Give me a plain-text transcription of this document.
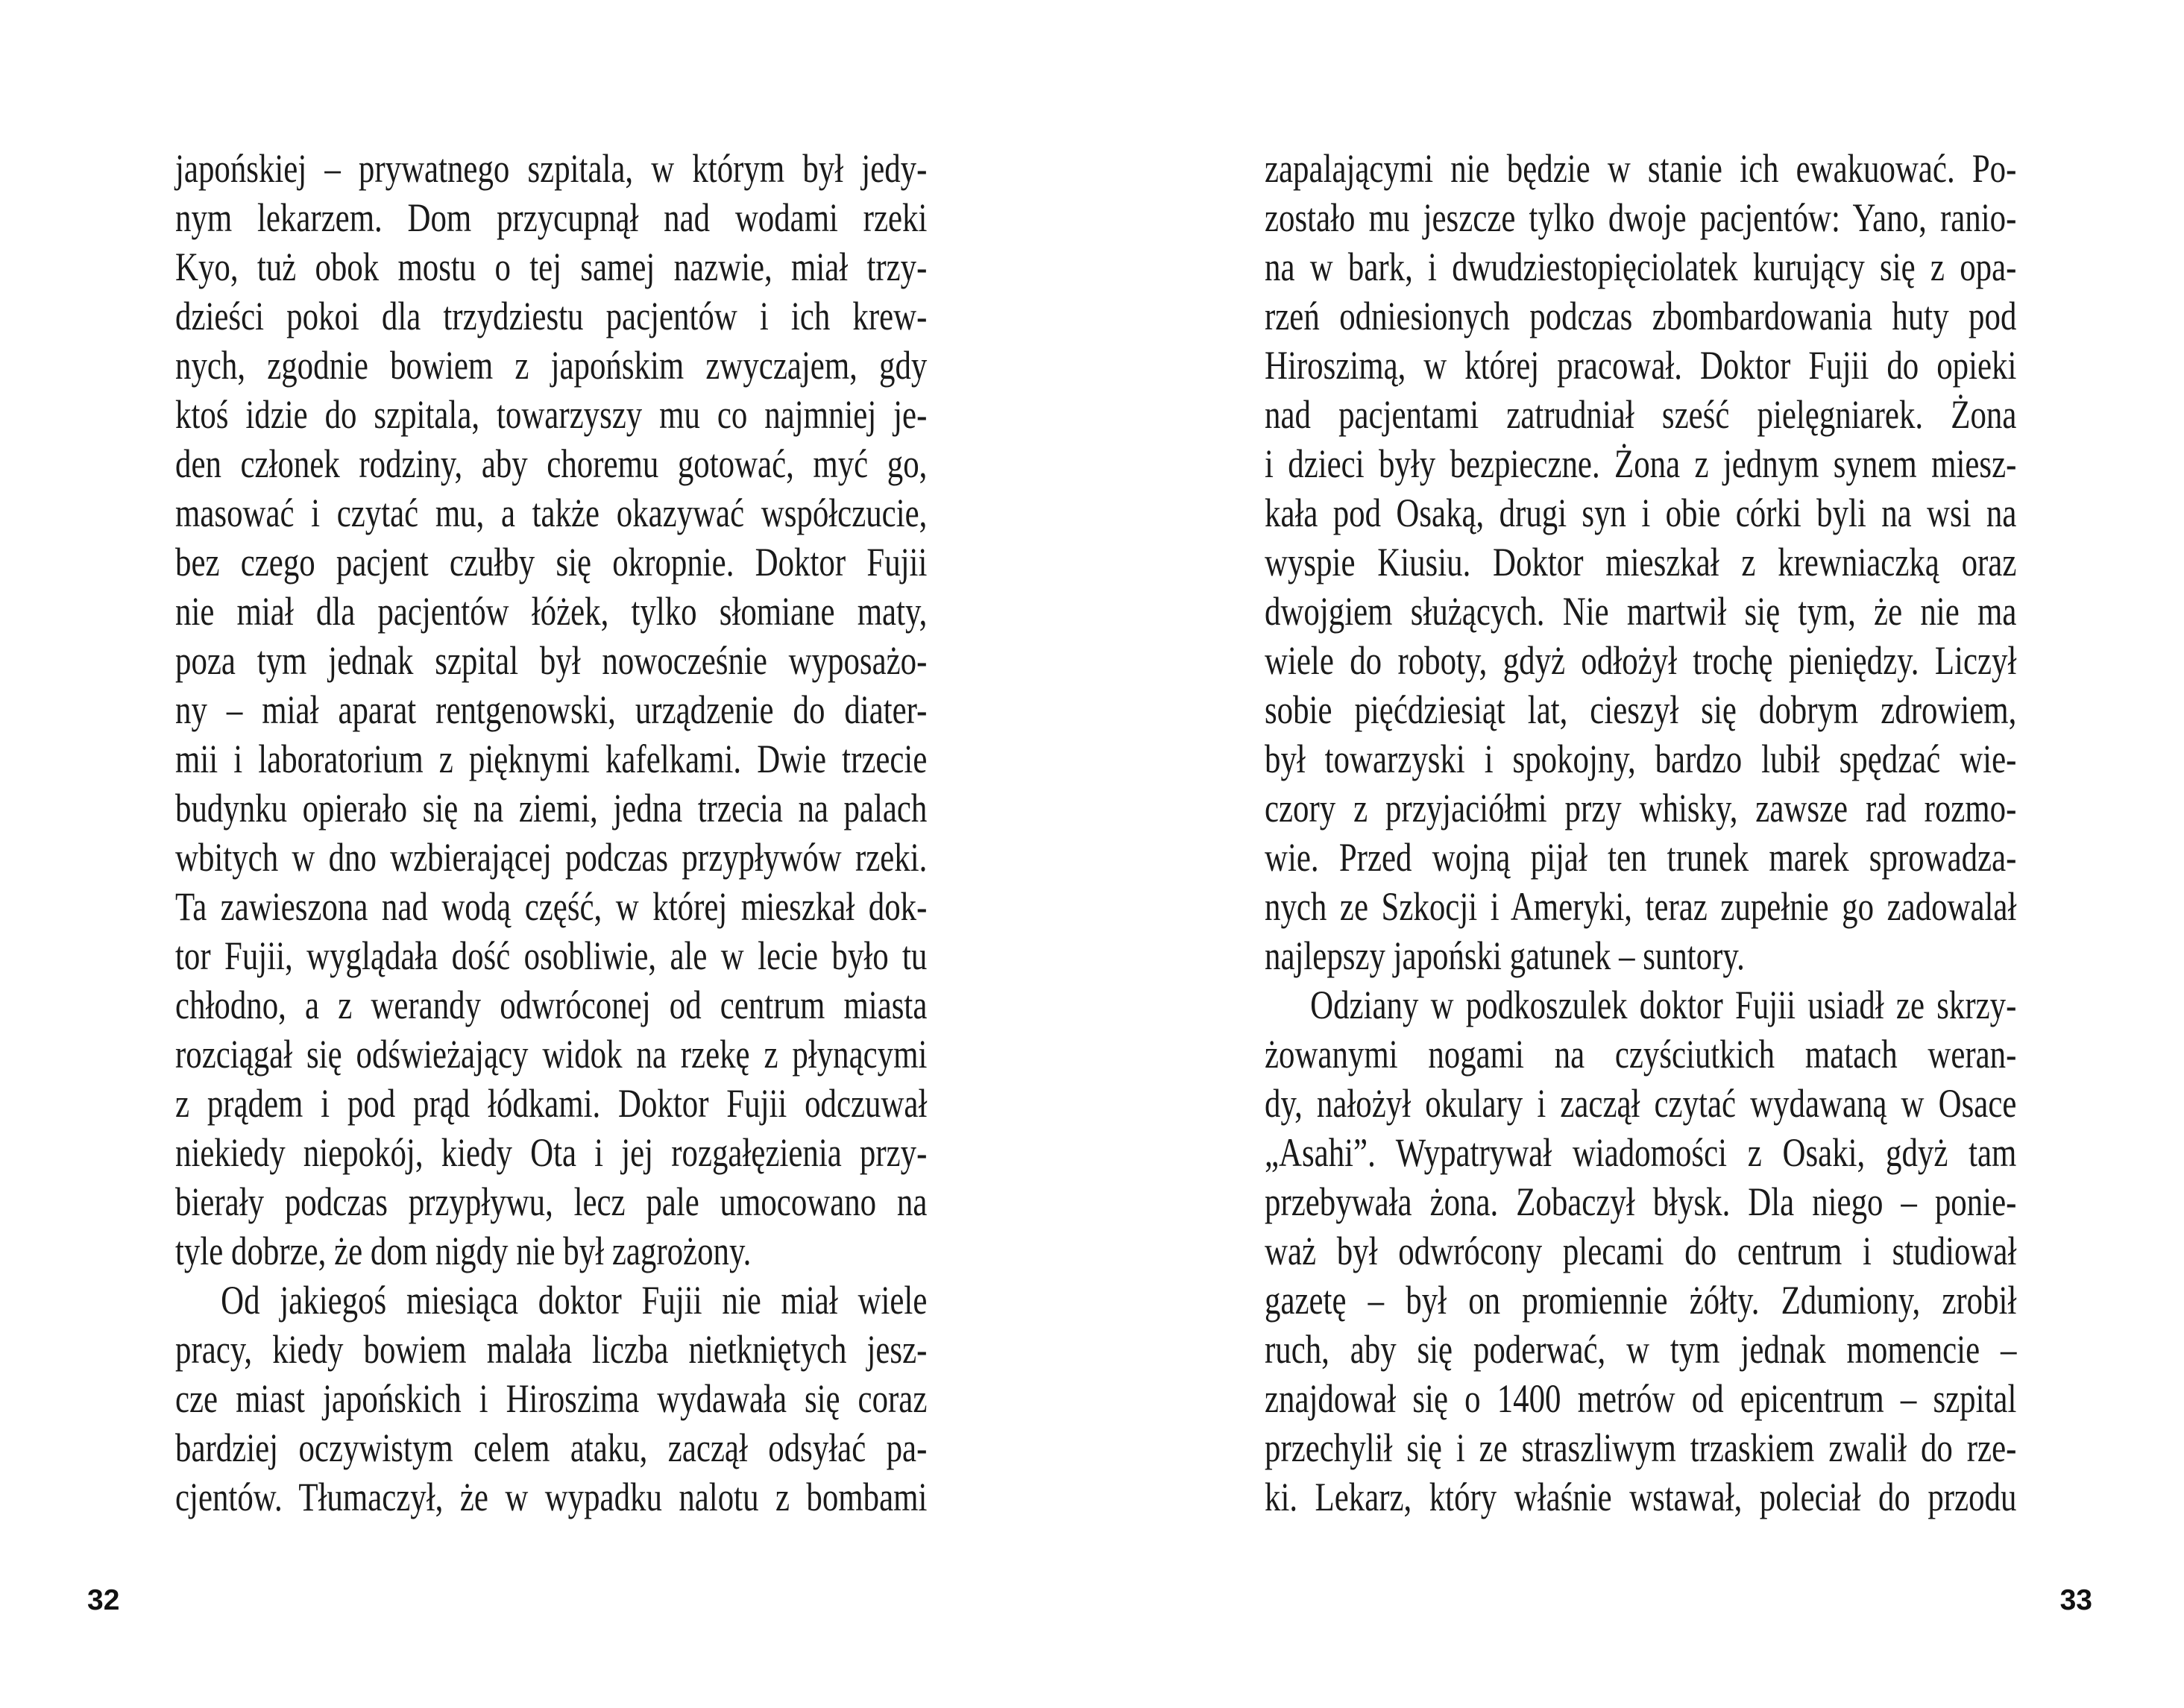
japońskiej – prywatnego szpitala, w którym był jedy-
nym lekarzem. Dom przycupnął nad wodami rzeki
Kyo, tuż obok mostu o tej samej nazwie, miał trzy-
dzieści pokoi dla trzydziestu pacjentów i ich krew-
nych, zgodnie bowiem z japońskim zwyczajem, gdy
ktoś idzie do szpitala, towarzyszy mu co najmniej je-
den członek rodziny, aby choremu gotować, myć go,
masować i czytać mu, a także okazywać współczucie,
bez czego pacjent czułby się okropnie. Doktor Fujii
nie miał dla pacjentów łóżek, tylko słomiane maty,
poza tym jednak szpital był nowocześnie wyposażo-
ny – miał aparat rentgenowski, urządzenie do diater-
mii i laboratorium z pięknymi kafelkami. Dwie trzecie
budynku opierało się na ziemi, jedna trzecia na palach
wbitych w dno wzbierającej podczas przypływów rzeki.
Ta zawieszona nad wodą część, w której mieszkał dok-
tor Fujii, wyglądała dość osobliwie, ale w lecie było tu
chłodno, a z werandy odwróconej od centrum miasta
rozciągał się odświeżający widok na rzekę z płynącymi
z prądem i pod prąd łódkami. Doktor Fujii odczuwał
niekiedy niepokój, kiedy Ota i jej rozgałęzienia przy-
bierały podczas przypływu, lecz pale umocowano na
tyle dobrze, że dom nigdy nie był zagrożony.
Od jakiegoś miesiąca doktor Fujii nie miał wiele
pracy, kiedy bowiem malała liczba nietkniętych jesz-
cze miast japońskich i Hiroszima wydawała się coraz
bardziej oczywistym celem ataku, zaczął odsyłać pa-
cjentów. Tłumaczył, że w wypadku nalotu z bombami
32
zapalającymi nie będzie w stanie ich ewakuować. Po-
zostało mu jeszcze tylko dwoje pacjentów: Yano, ranio-
na w bark, i dwudziestopięciolatek kurujący się z opa-
rzeń odniesionych podczas zbombardowania huty pod
Hiroszimą, w której pracował. Doktor Fujii do opieki
nad pacjentami zatrudniał sześć pielęgniarek. Żona
i dzieci były bezpieczne. Żona z jednym synem miesz-
kała pod Osaką, drugi syn i obie córki byli na wsi na
wyspie Kiusiu. Doktor mieszkał z krewniaczką oraz
dwojgiem służących. Nie martwił się tym, że nie ma
wiele do roboty, gdyż odłożył trochę pieniędzy. Liczył
sobie pięćdziesiąt lat, cieszył się dobrym zdrowiem,
był towarzyski i spokojny, bardzo lubił spędzać wie-
czory z przyjaciółmi przy whisky, zawsze rad rozmo-
wie. Przed wojną pijał ten trunek marek sprowadza-
nych ze Szkocji i Ameryki, teraz zupełnie go zadowalał
najlepszy japoński gatunek – suntory.
Odziany w podkoszulek doktor Fujii usiadł ze skrzy-
żowanymi nogami na czyściutkich matach weran-
dy, nałożył okulary i zaczął czytać wydawaną w Osace
„Asahi”. Wypatrywał wiadomości z Osaki, gdyż tam
przebywała żona. Zobaczył błysk. Dla niego – ponie-
waż był odwrócony plecami do centrum i studiował
gazetę – był on promiennie żółty. Zdumiony, zrobił
ruch, aby się poderwać, w tym jednak momencie –
znajdował się o 1400 metrów od epicentrum – szpital
przechylił się i ze straszliwym trzaskiem zwalił do rze-
ki. Lekarz, który właśnie wstawał, poleciał do przodu
33
